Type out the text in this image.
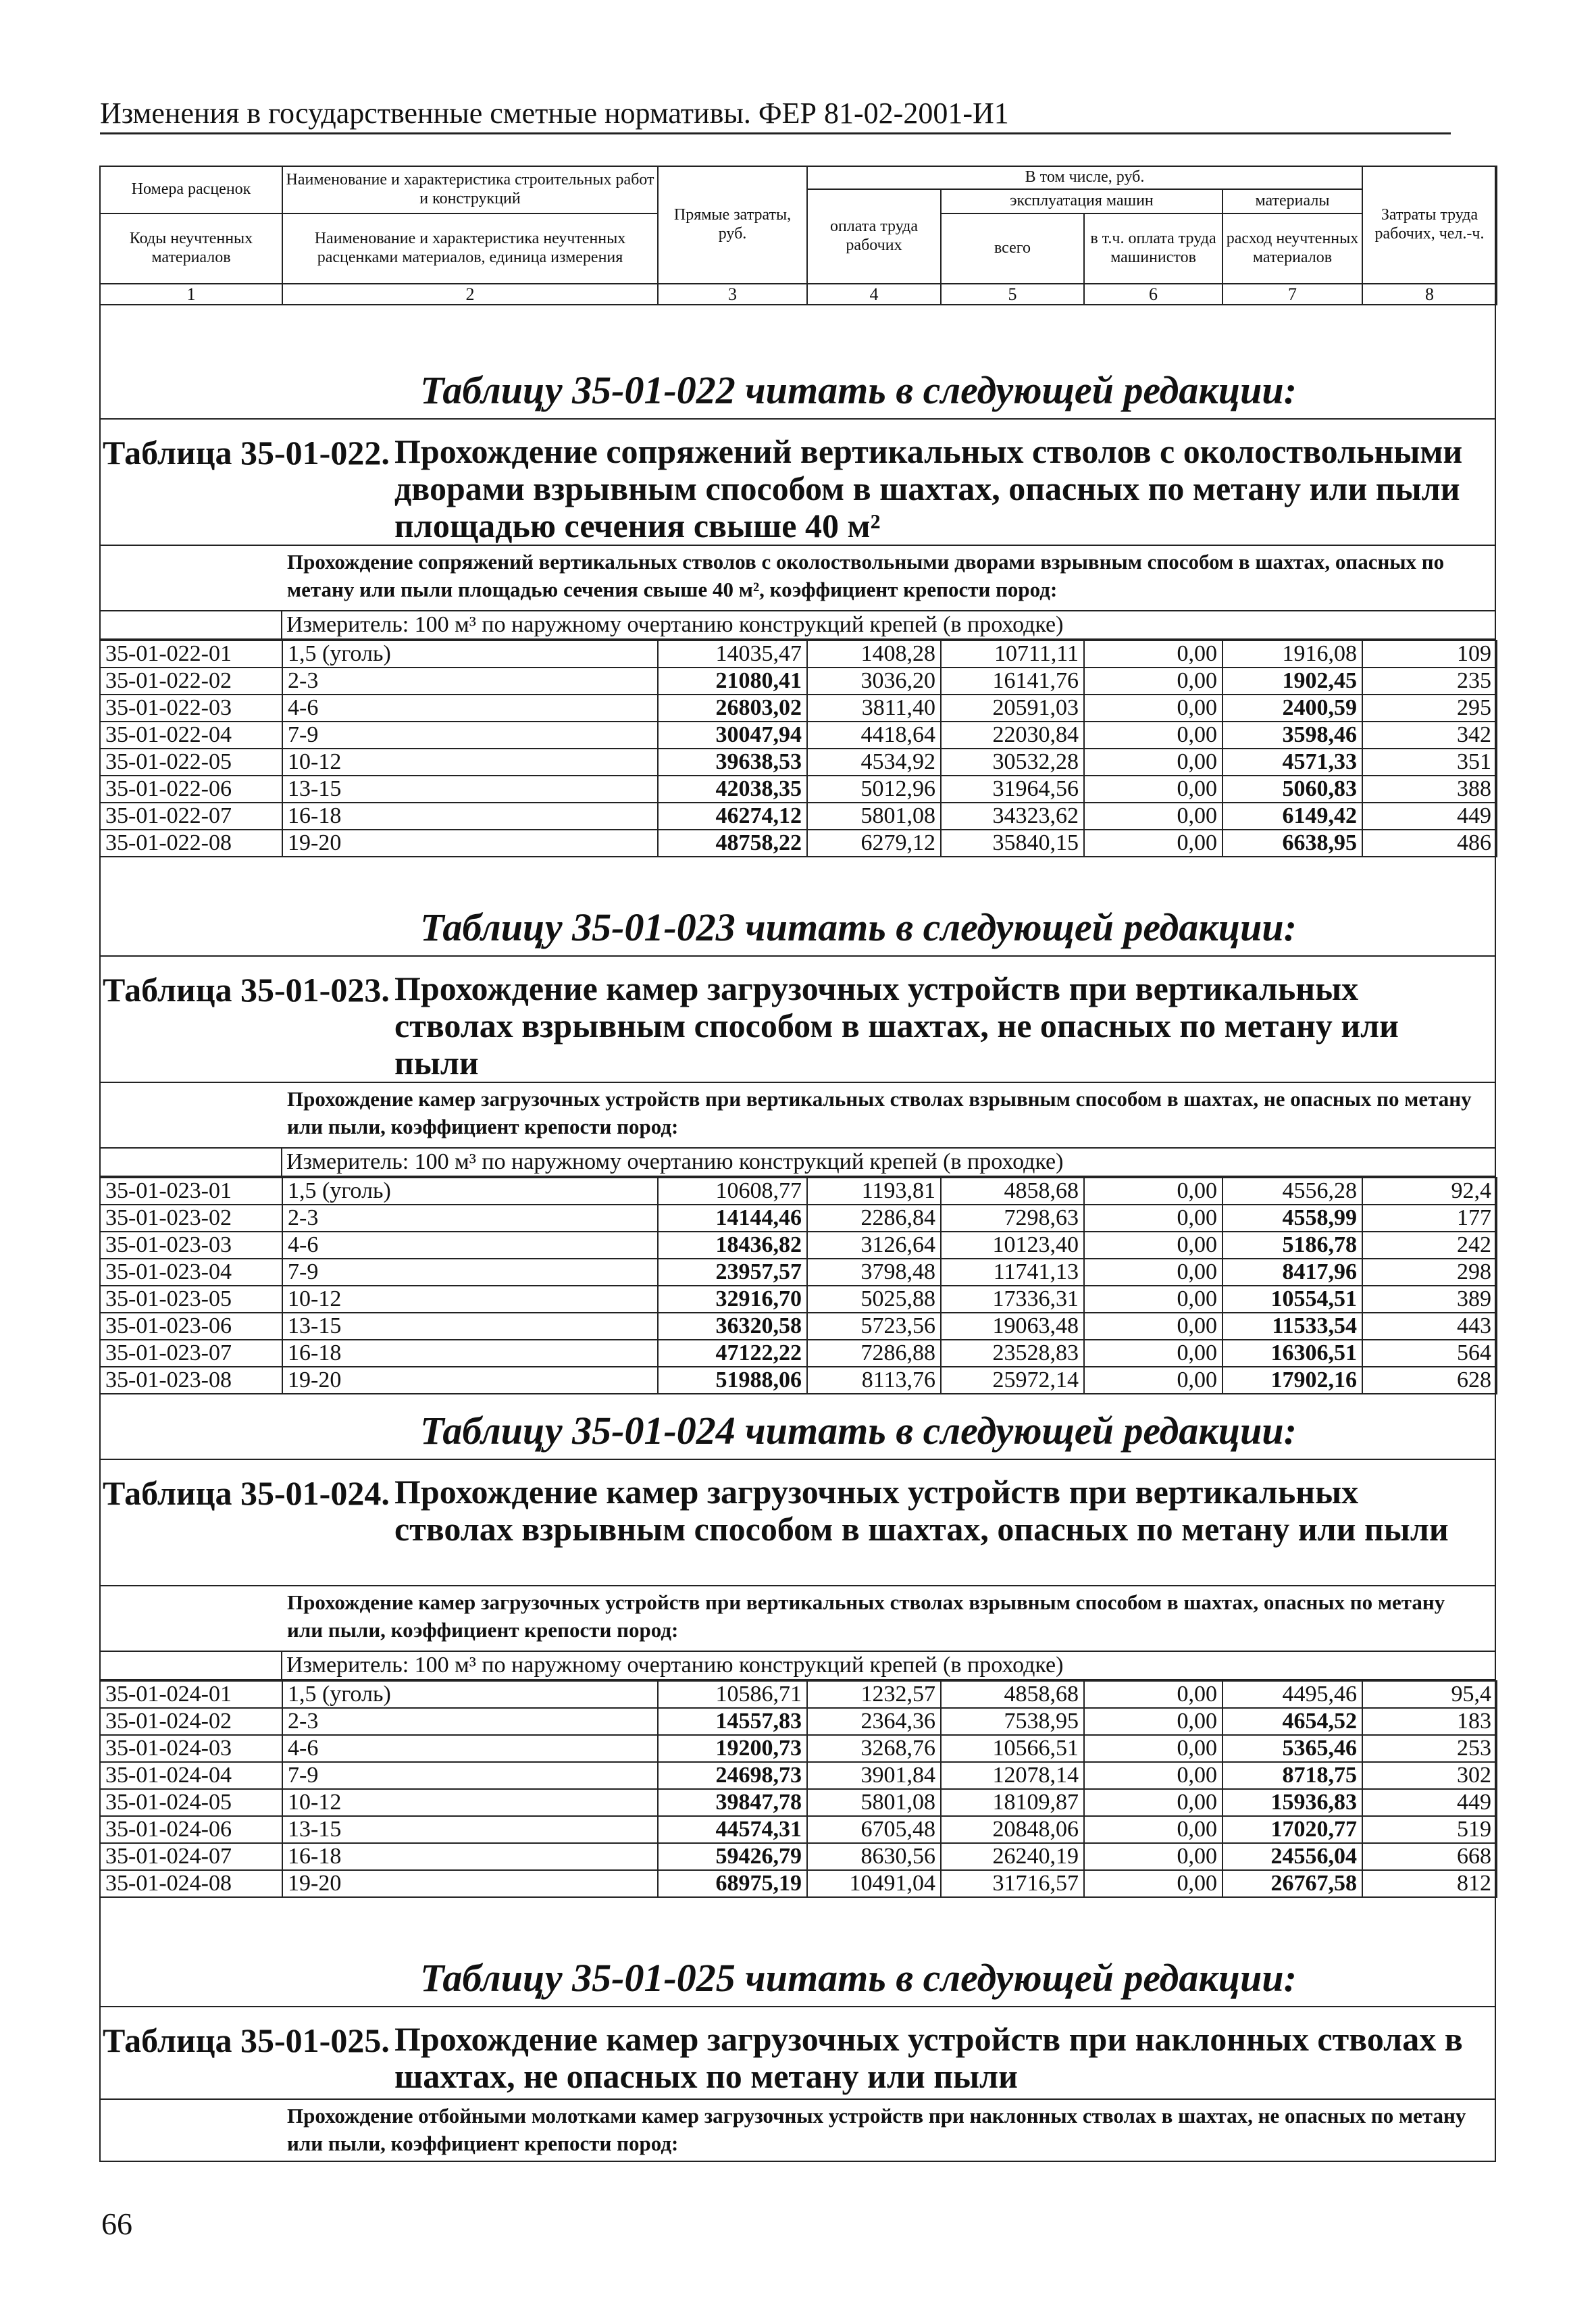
Изменения в государственные сметные нормативы. ФЕР 81-02-2001-И1
Номера расценок	Наименование и характеристика строительных работ и конструкций	Прямые затраты, руб.	В том числе, руб.				Затраты труда рабочих, чел.-ч.
			оплата труда рабочих	эксплуатация машин		материалы	
Коды неучтенных материалов	Наименование и характеристика неучтенных расценками материалов, единица измерения			всего	в т.ч. оплата труда машинистов	расход неучтенных материалов	

1	2	3	4	5	6	7	8
Таблицу 35-01-022 читать в следующей редакции:
Таблица 35-01-022. Прохождение сопряжений вертикальных стволов с околоствольными дворами взрывным способом в шахтах, опасных по метану или пыли площадью сечения свыше 40 м²
Прохождение сопряжений вертикальных стволов с околоствольными дворами взрывным способом в шахтах, опасных по метану или пыли площадью сечения свыше 40 м², коэффициент крепости пород:
Измеритель: 100 м³ по наружному очертанию конструкций крепей (в проходке)
35-01-022-01	1,5 (уголь)	14035,47	1408,28	10711,11	0,00	1916,08	109
35-01-022-02	2-3	21080,41	3036,20	16141,76	0,00	1902,45	235
35-01-022-03	4-6	26803,02	3811,40	20591,03	0,00	2400,59	295
35-01-022-04	7-9	30047,94	4418,64	22030,84	0,00	3598,46	342
35-01-022-05	10-12	39638,53	4534,92	30532,28	0,00	4571,33	351
35-01-022-06	13-15	42038,35	5012,96	31964,56	0,00	5060,83	388
35-01-022-07	16-18	46274,12	5801,08	34323,62	0,00	6149,42	449
35-01-022-08	19-20	48758,22	6279,12	35840,15	0,00	6638,95	486
Таблицу 35-01-023 читать в следующей редакции:
Таблица 35-01-023. Прохождение камер загрузочных устройств при вертикальных стволах взрывным способом в шахтах, не опасных по метану или пыли
Прохождение камер загрузочных устройств при вертикальных стволах взрывным способом в шахтах, не опасных по метану или пыли, коэффициент крепости пород:
Измеритель: 100 м³ по наружному очертанию конструкций крепей (в проходке)
35-01-023-01	1,5 (уголь)	10608,77	1193,81	4858,68	0,00	4556,28	92,4
35-01-023-02	2-3	14144,46	2286,84	7298,63	0,00	4558,99	177
35-01-023-03	4-6	18436,82	3126,64	10123,40	0,00	5186,78	242
35-01-023-04	7-9	23957,57	3798,48	11741,13	0,00	8417,96	298
35-01-023-05	10-12	32916,70	5025,88	17336,31	0,00	10554,51	389
35-01-023-06	13-15	36320,58	5723,56	19063,48	0,00	11533,54	443
35-01-023-07	16-18	47122,22	7286,88	23528,83	0,00	16306,51	564
35-01-023-08	19-20	51988,06	8113,76	25972,14	0,00	17902,16	628
Таблицу 35-01-024 читать в следующей редакции:
Таблица 35-01-024. Прохождение камер загрузочных устройств при вертикальных стволах взрывным способом в шахтах, опасных по метану или пыли
Прохождение камер загрузочных устройств при вертикальных стволах взрывным способом в шахтах, опасных по метану или пыли, коэффициент крепости пород:
Измеритель: 100 м³ по наружному очертанию конструкций крепей (в проходке)
35-01-024-01	1,5 (уголь)	10586,71	1232,57	4858,68	0,00	4495,46	95,4
35-01-024-02	2-3	14557,83	2364,36	7538,95	0,00	4654,52	183
35-01-024-03	4-6	19200,73	3268,76	10566,51	0,00	5365,46	253
35-01-024-04	7-9	24698,73	3901,84	12078,14	0,00	8718,75	302
35-01-024-05	10-12	39847,78	5801,08	18109,87	0,00	15936,83	449
35-01-024-06	13-15	44574,31	6705,48	20848,06	0,00	17020,77	519
35-01-024-07	16-18	59426,79	8630,56	26240,19	0,00	24556,04	668
35-01-024-08	19-20	68975,19	10491,04	31716,57	0,00	26767,58	812
Таблицу 35-01-025 читать в следующей редакции:
Таблица 35-01-025. Прохождение камер загрузочных устройств при наклонных стволах в шахтах, не опасных по метану или пыли
Прохождение отбойными молотками камер загрузочных устройств при наклонных стволах в шахтах, не опасных по метану или пыли, коэффициент крепости пород:
66
